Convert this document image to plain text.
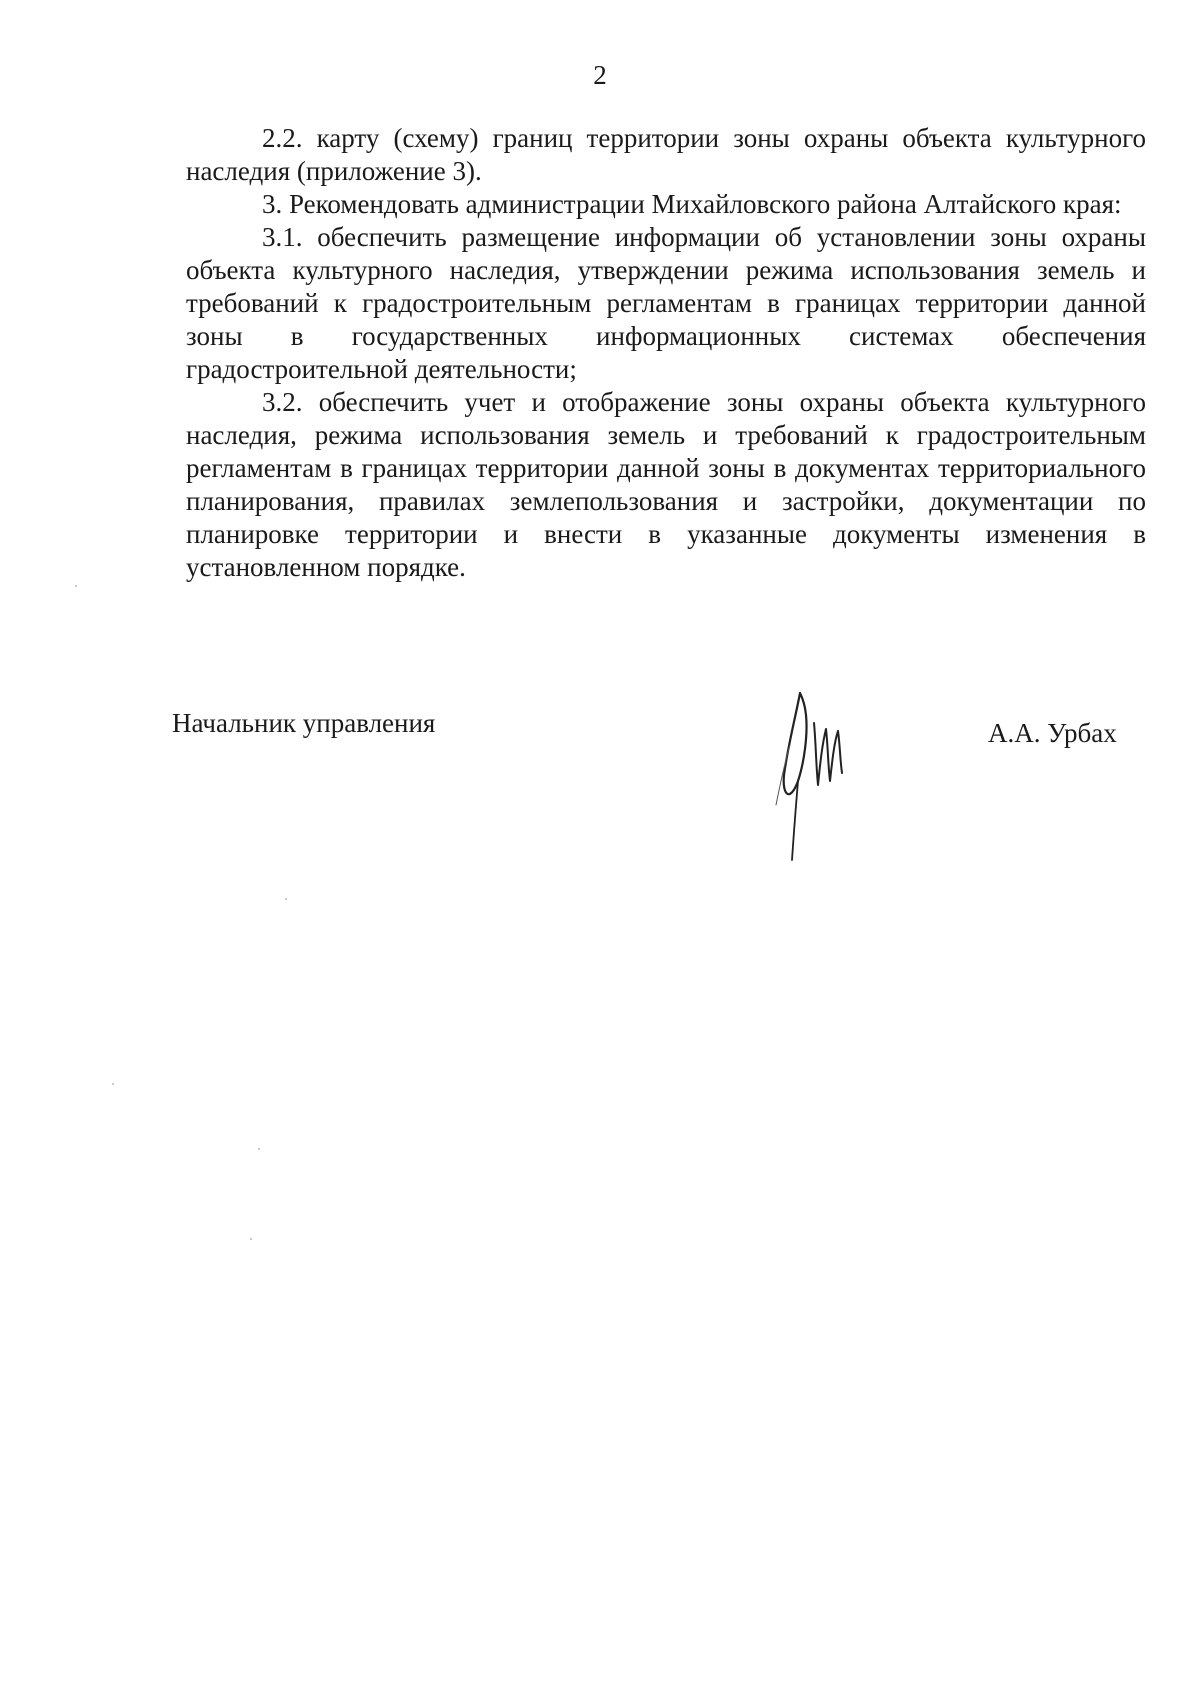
2

2.2. карту (схему) границ территории зоны охраны объекта культурного наследия (приложение 3).

3. Рекомендовать администрации Михайловского района Алтайского края:

3.1. обеспечить размещение информации об установлении зоны охраны объекта культурного наследия, утверждении режима использования земель и требований к градостроительным регламентам в границах территории данной зоны в государственных информационных системах обеспечения градостроительной деятельности;

3.2. обеспечить учет и отображение зоны охраны объекта культурного наследия, режима использования земель и требований к градостроительным регламентам в границах территории данной зоны в документах территориального планирования, правилах землепользования и застройки, документации по планировке территории и внести в указанные документы изменения в установленном порядке.

Начальник управления	А.А. Урбах
